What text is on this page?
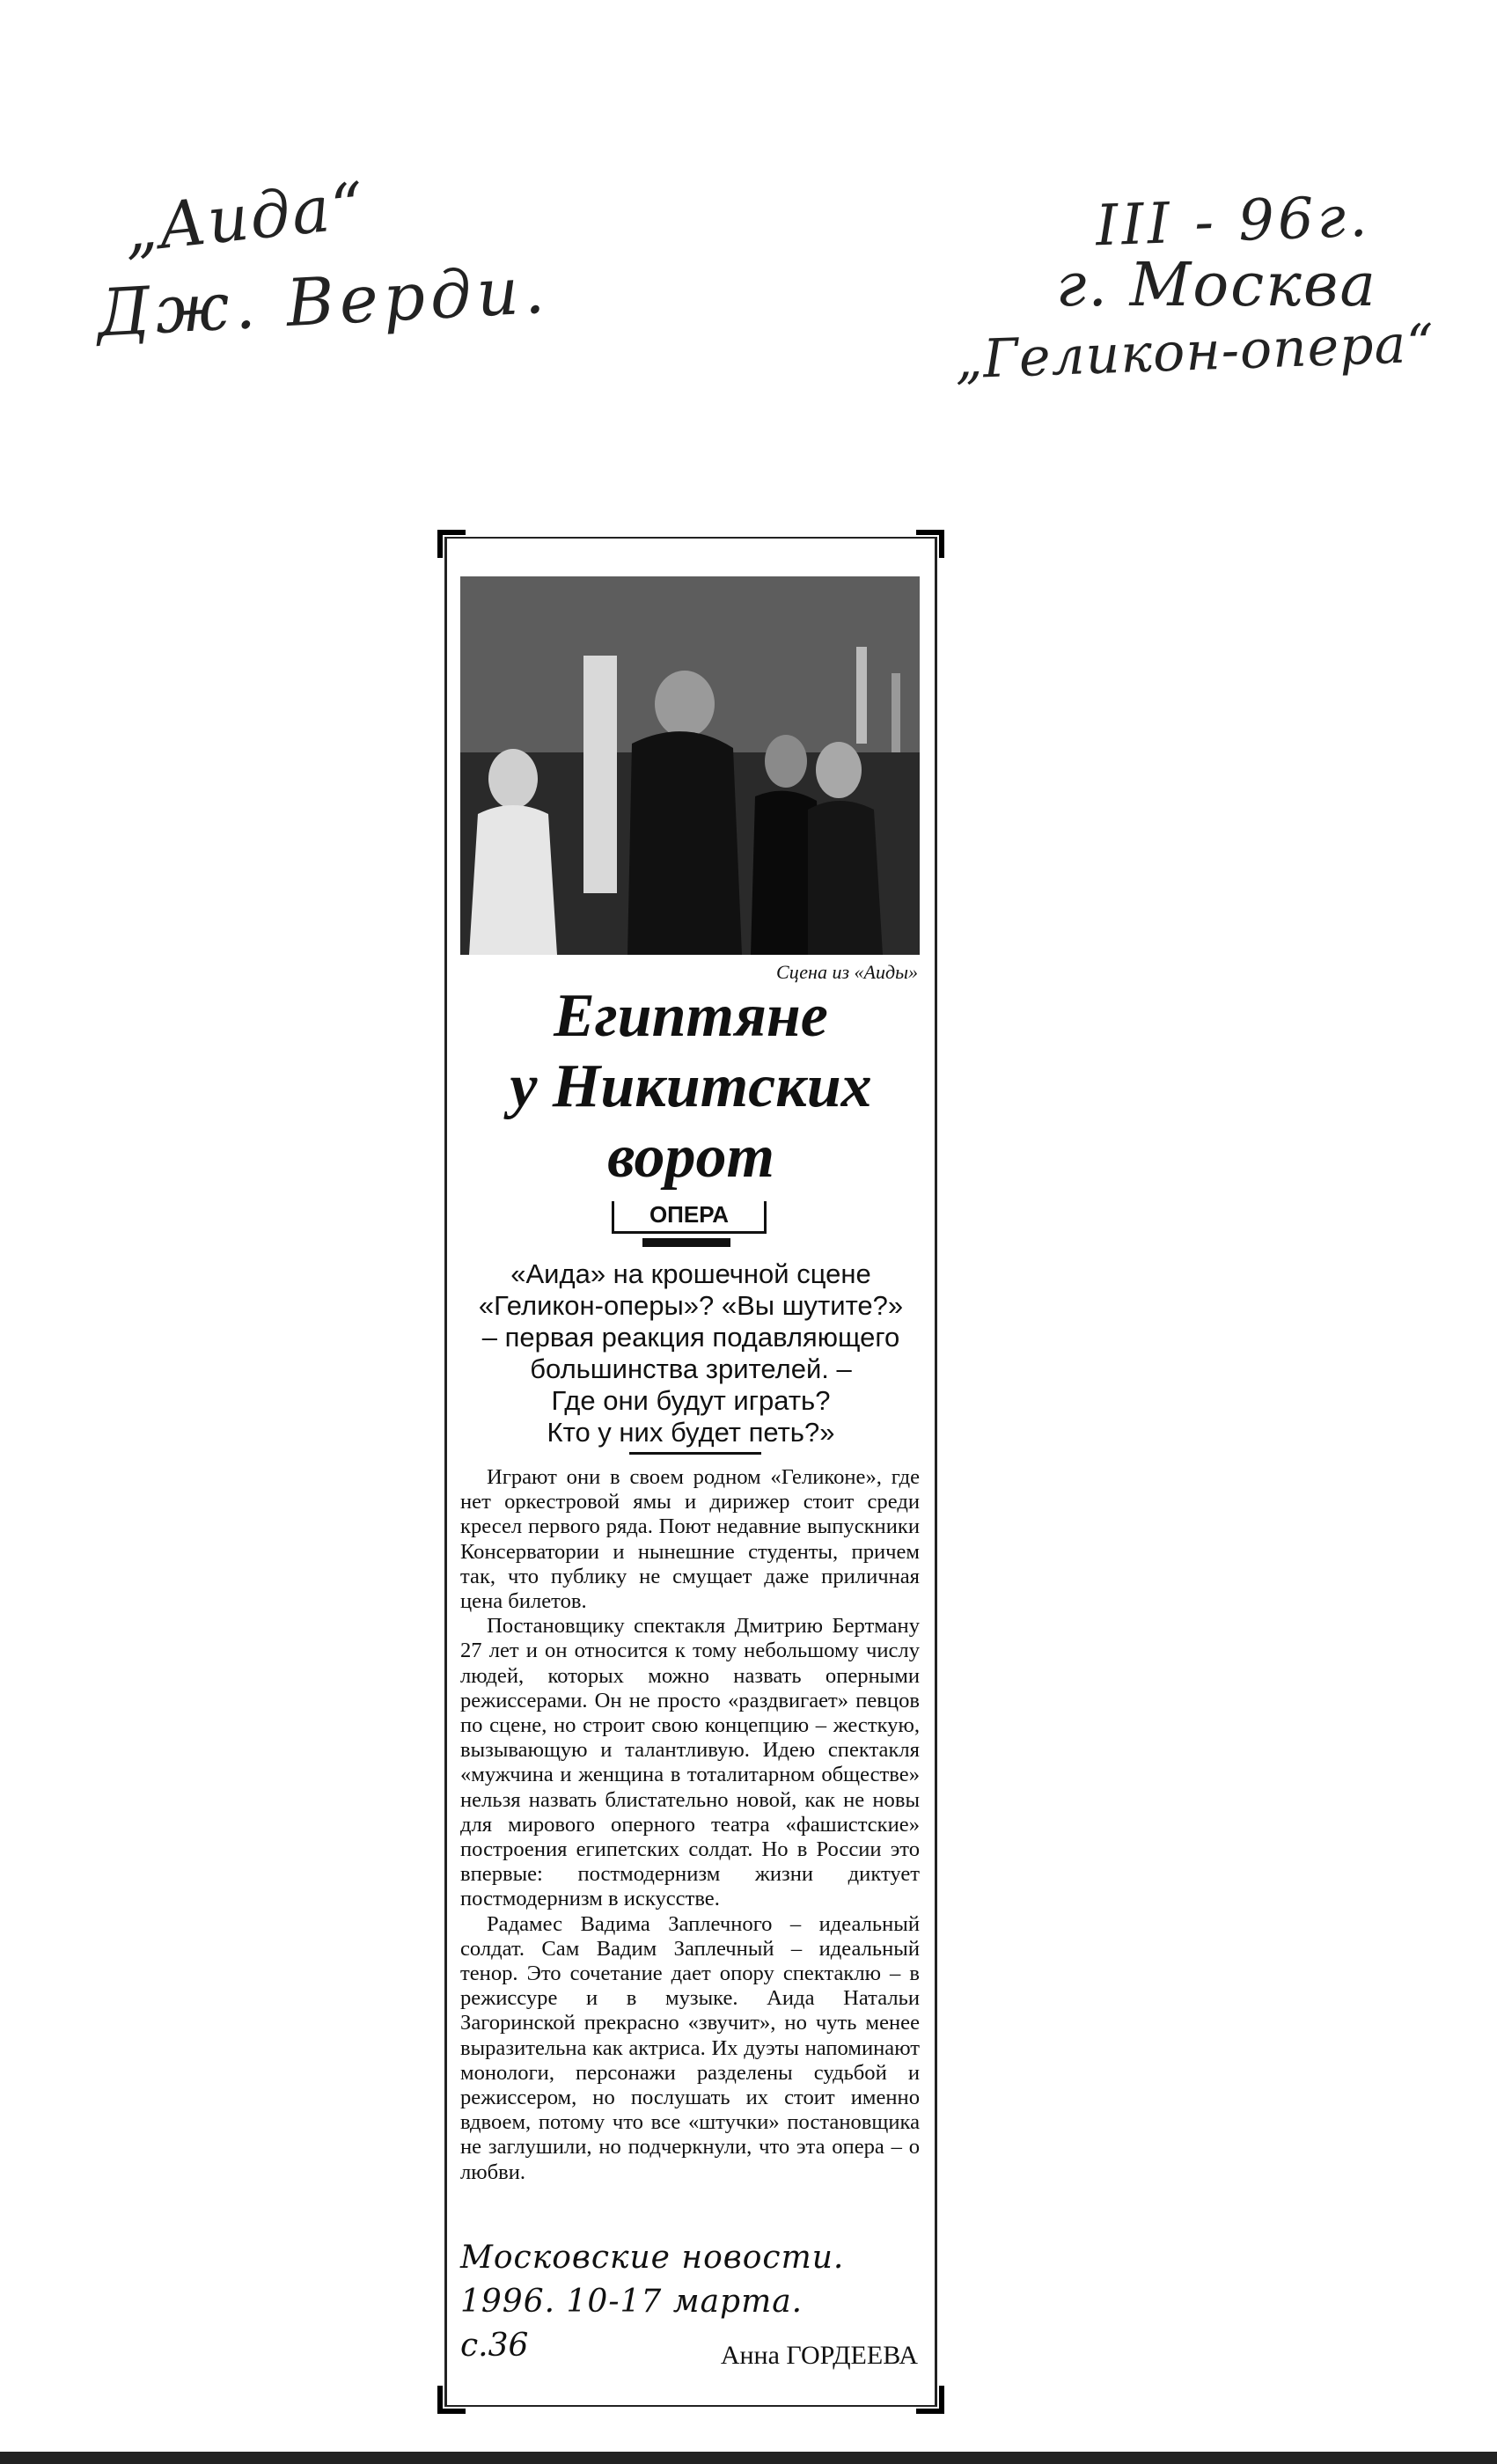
„Аида“
Дж. Верди.
III - 96г.
г. Москва
„Геликон-опера“
Сцена из «Аиды»
Египтяне
у Никитских
ворот
ОПЕРА
«Аида» на крошечной сцене
«Геликон-оперы»? «Вы шутите?»
– первая реакция подавляющего
большинства зрителей. –
Где они будут играть?
Кто у них будет петь?»

Играют они в своем родном «Геликоне», где нет оркестровой ямы и дирижер стоит среди кресел первого ряда. Поют недавние выпускники Консерватории и нынешние студенты, причем так, что публику не смущает даже приличная цена билетов.

Постановщику спектакля Дмитрию Бертману 27 лет и он относится к тому небольшому числу людей, которых можно назвать оперными режиссерами. Он не просто «раздвигает» певцов по сцене, но строит свою концепцию – жесткую, вызывающую и талантливую. Идею спектакля «мужчина и женщина в тоталитарном обществе» нельзя назвать блистательно новой, как не новы для мирового оперного театра «фашистские» построения египетских солдат. Но в России это впервые: постмодернизм жизни диктует постмодернизм в искусстве.

Радамес Вадима Заплечного – идеальный солдат. Сам Вадим Заплечный – идеальный тенор. Это сочетание дает опору спектаклю – в режиссуре и в музыке. Аида Натальи Загоринской прекрасно «звучит», но чуть менее выразительна как актриса. Их дуэты напоминают монологи, персонажи разделены судьбой и режиссером, но послушать их стоит именно вдвоем, потому что все «штучки» постановщика не заглушили, но подчеркнули, что эта опера – о любви.

Московские новости.
1996. 10-17 марта.
с.36	Анна ГОРДЕЕВА
